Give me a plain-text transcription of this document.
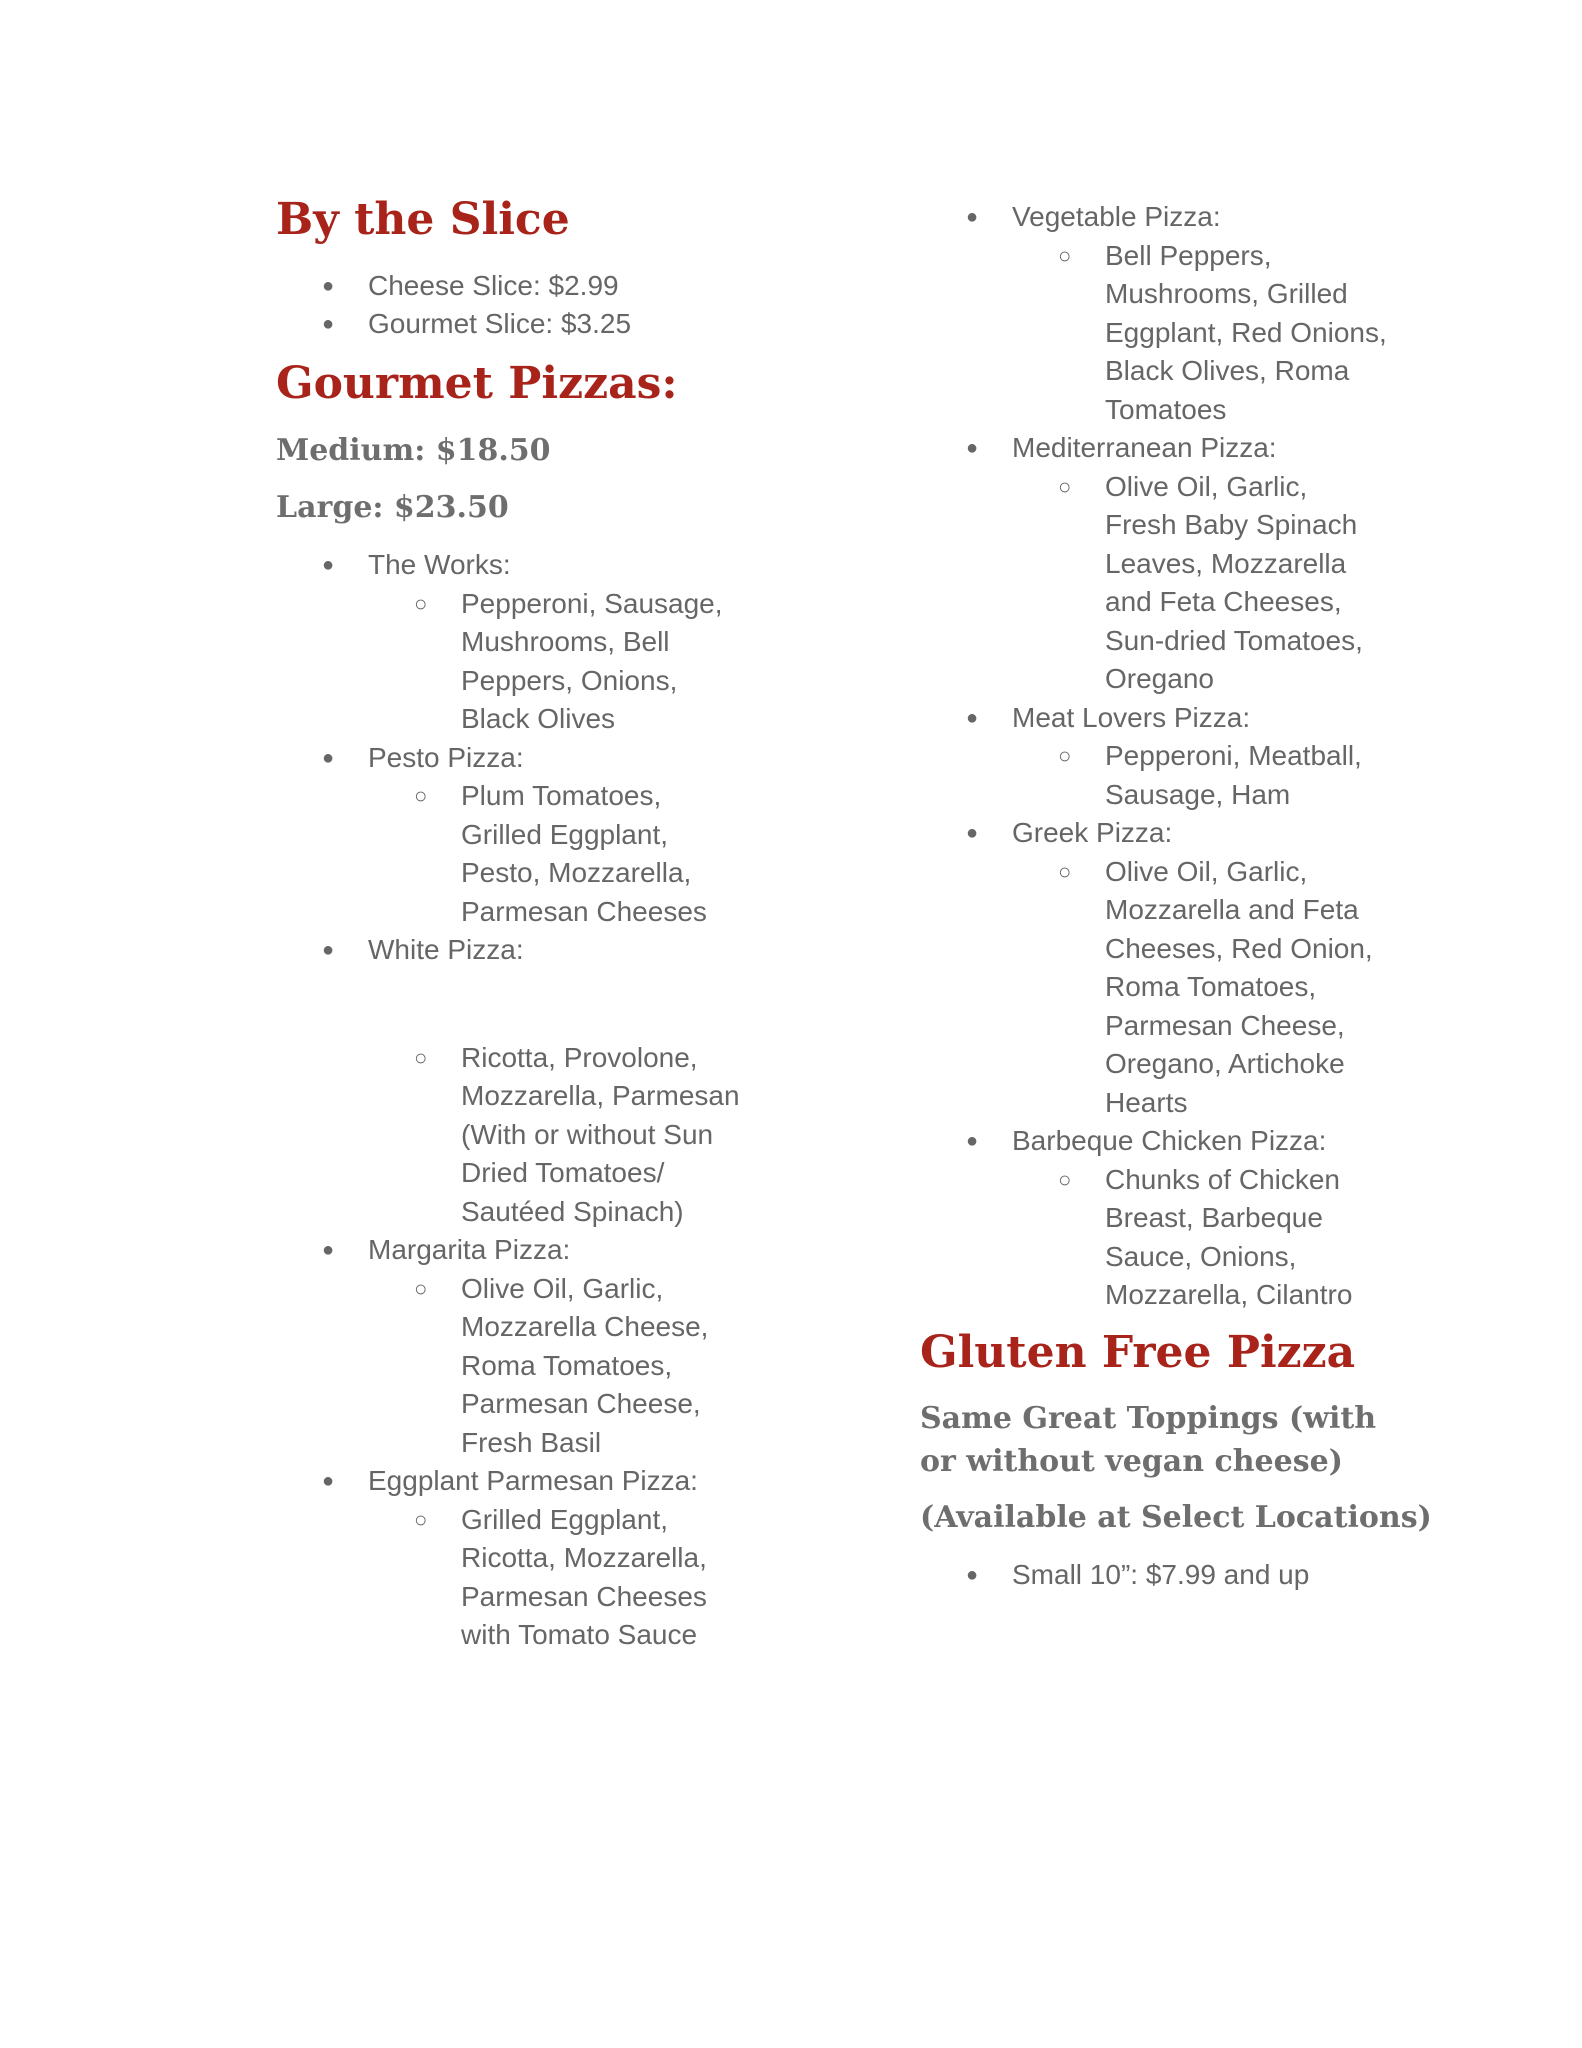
By the Slice
● Cheese Slice: $2.99
● Gourmet Slice: $3.25
Gourmet Pizzas:
Medium: $18.50
Large: $23.50
● The Works:
○ Pepperoni, Sausage,
Mushrooms, Bell
Peppers, Onions,
Black Olives
● Pesto Pizza:
○ Plum Tomatoes,
Grilled Eggplant,
Pesto, Mozzarella,
Parmesan Cheeses
● White Pizza:
○ Ricotta, Provolone,
Mozzarella, Parmesan
(With or without Sun
Dried Tomatoes/
Sautéed Spinach)
● Margarita Pizza:
○ Olive Oil, Garlic,
Mozzarella Cheese,
Roma Tomatoes,
Parmesan Cheese,
Fresh Basil
● Eggplant Parmesan Pizza:
○ Grilled Eggplant,
Ricotta, Mozzarella,
Parmesan Cheeses
with Tomato Sauce
● Vegetable Pizza:
○ Bell Peppers,
Mushrooms, Grilled
Eggplant, Red Onions,
Black Olives, Roma
Tomatoes
● Mediterranean Pizza:
○ Olive Oil, Garlic,
Fresh Baby Spinach
Leaves, Mozzarella
and Feta Cheeses,
Sun-dried Tomatoes,
Oregano
● Meat Lovers Pizza:
○ Pepperoni, Meatball,
Sausage, Ham
● Greek Pizza:
○ Olive Oil, Garlic,
Mozzarella and Feta
Cheeses, Red Onion,
Roma Tomatoes,
Parmesan Cheese,
Oregano, Artichoke
Hearts
● Barbeque Chicken Pizza:
○ Chunks of Chicken
Breast, Barbeque
Sauce, Onions,
Mozzarella, Cilantro
Gluten Free Pizza
Same Great Toppings (with or without vegan cheese)
(Available at Select Locations)
● Small 10”: $7.99 and up
